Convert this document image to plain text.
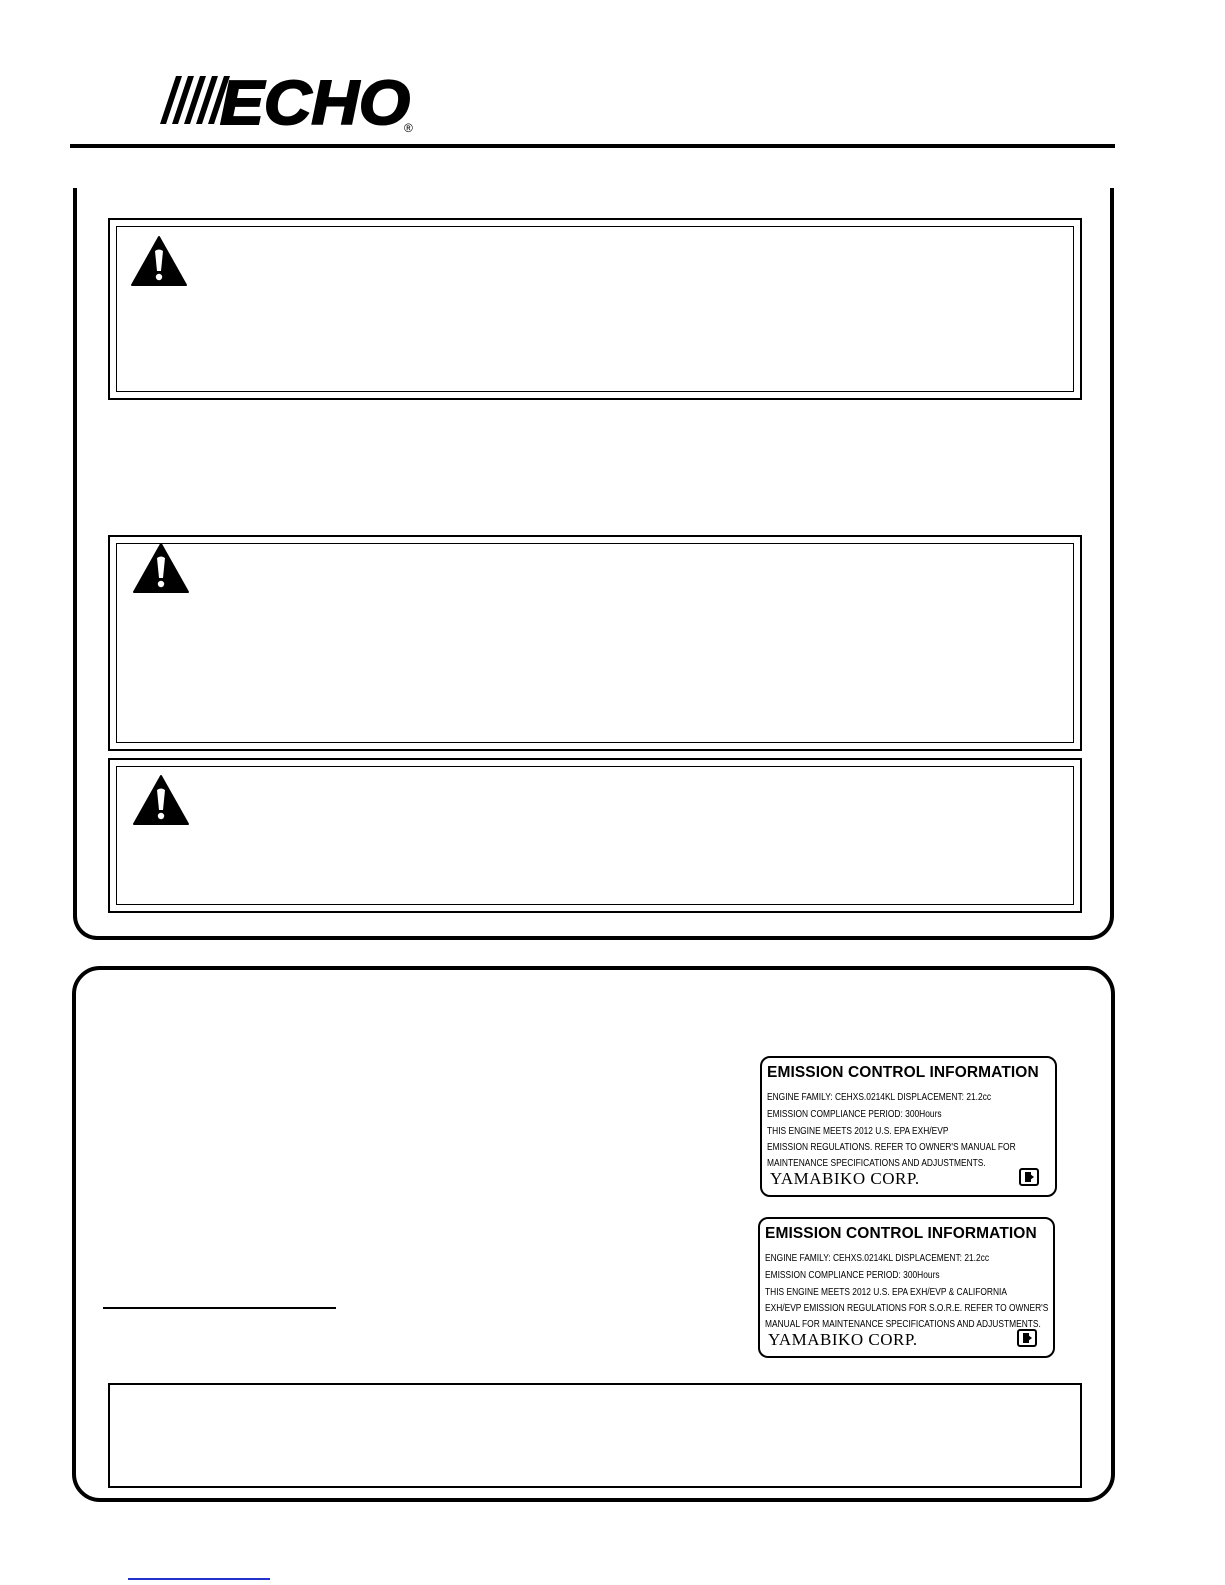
ECHO
®
EMISSION CONTROL INFORMATION
ENGINE FAMILY: CEHXS.0214KL DISPLACEMENT: 21.2cc
EMISSION COMPLIANCE PERIOD: 300Hours
THIS ENGINE MEETS 2012 U.S. EPA EXH/EVP
EMISSION REGULATIONS. REFER TO OWNER'S MANUAL FOR
MAINTENANCE SPECIFICATIONS AND ADJUSTMENTS.
YAMABIKO CORP.
EMISSION CONTROL INFORMATION
ENGINE FAMILY: CEHXS.0214KL DISPLACEMENT: 21.2cc
EMISSION COMPLIANCE PERIOD: 300Hours
THIS ENGINE MEETS 2012 U.S. EPA EXH/EVP & CALIFORNIA
EXH/EVP EMISSION REGULATIONS FOR S.O.R.E. REFER TO OWNER'S
MANUAL FOR MAINTENANCE SPECIFICATIONS AND ADJUSTMENTS.
YAMABIKO CORP.
